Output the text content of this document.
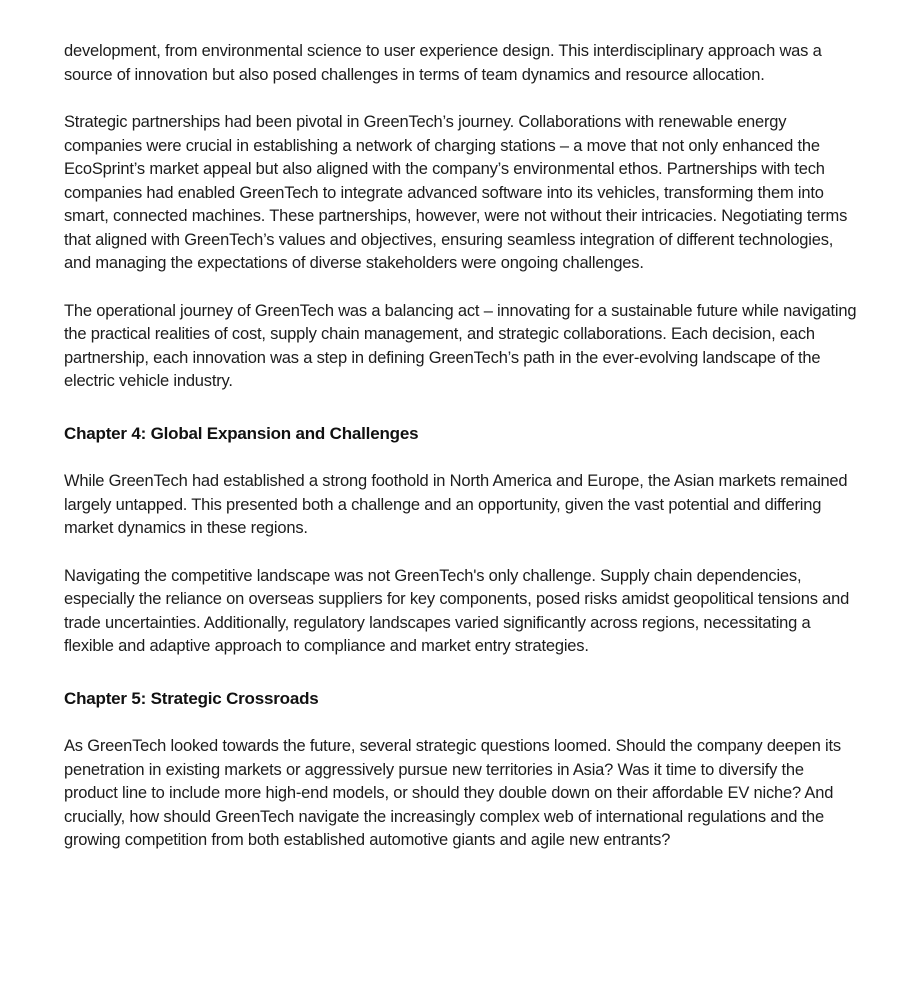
development, from environmental science to user experience design. This interdisciplinary approach was a source of innovation but also posed challenges in terms of team dynamics and resource allocation.

Strategic partnerships had been pivotal in GreenTech’s journey. Collaborations with renewable energy companies were crucial in establishing a network of charging stations – a move that not only enhanced the EcoSprint’s market appeal but also aligned with the company’s environmental ethos. Partnerships with tech companies had enabled GreenTech to integrate advanced software into its vehicles, transforming them into smart, connected machines. These partnerships, however, were not without their intricacies. Negotiating terms that aligned with GreenTech’s values and objectives, ensuring seamless integration of different technologies, and managing the expectations of diverse stakeholders were ongoing challenges.

The operational journey of GreenTech was a balancing act – innovating for a sustainable future while navigating the practical realities of cost, supply chain management, and strategic collaborations. Each decision, each partnership, each innovation was a step in defining GreenTech’s path in the ever-evolving landscape of the electric vehicle industry.

Chapter 4: Global Expansion and Challenges

While GreenTech had established a strong foothold in North America and Europe, the Asian markets remained largely untapped. This presented both a challenge and an opportunity, given the vast potential and differing market dynamics in these regions.

Navigating the competitive landscape was not GreenTech's only challenge. Supply chain dependencies, especially the reliance on overseas suppliers for key components, posed risks amidst geopolitical tensions and trade uncertainties. Additionally, regulatory landscapes varied significantly across regions, necessitating a flexible and adaptive approach to compliance and market entry strategies.

Chapter 5: Strategic Crossroads

As GreenTech looked towards the future, several strategic questions loomed. Should the company deepen its penetration in existing markets or aggressively pursue new territories in Asia? Was it time to diversify the product line to include more high-end models, or should they double down on their affordable EV niche? And crucially, how should GreenTech navigate the increasingly complex web of international regulations and the growing competition from both established automotive giants and agile new entrants?
